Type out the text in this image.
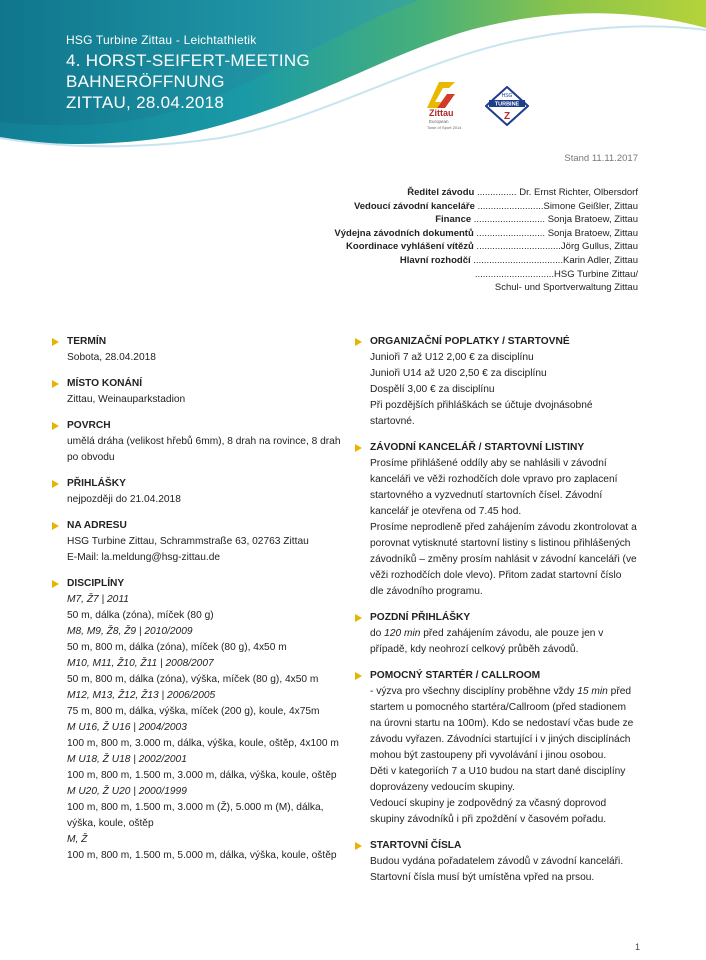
HSG Turbine Zittau - Leichtathletik
4. HORST-SEIFERT-MEETING
BAHNERÖFFNUNG
ZITTAU, 28.04.2018
Zittau
European
Town of Sport 2014
HSG
TURBINE
Z
Stand 11.11.2017
Ředitel závodu ............... Dr. Ernst Richter, Olbersdorf
Vedoucí závodní kanceláře .........................Simone Geißler, Zittau
Finance ........................... Sonja Bratoew, Zittau
Výdejna závodních dokumentů .......................... Sonja Bratoew, Zittau
Koordinace vyhlášení vítězů ................................Jörg Gullus, Zittau
Hlavní rozhodčí ..................................Karin Adler, Zittau
..............................HSG Turbine Zittau/
Schul- und Sportverwaltung Zittau
TERMÍN
Sobota, 28.04.2018
MÍSTO KONÁNÍ
Zittau, Weinauparkstadion
POVRCH
umělá dráha (velikost hřebů 6mm), 8 drah na rovince, 8 drah po obvodu
PŘIHLÁŠKY
nejpozději do 21.04.2018
NA ADRESU
HSG Turbine Zittau, Schrammstraße 63, 02763 Zittau
E-Mail: la.meldung@hsg-zittau.de
DISCIPLÍNY
M7, Ž7 | 2011
50 m, dálka (zóna), míček (80 g)
M8, M9, Ž8, Ž9 | 2010/2009
50 m, 800 m, dálka (zóna), míček (80 g), 4x50 m
M10, M11, Ž10, Ž11 | 2008/2007
50 m, 800 m, dálka (zóna), výška, míček (80 g), 4x50 m
M12, M13, Ž12, Ž13 | 2006/2005
75 m, 800 m, dálka, výška, míček (200 g), koule, 4x75m
M U16, Ž U16 | 2004/2003
100 m, 800 m, 3.000 m, dálka, výška, koule, oštěp, 4x100 m
M U18, Ž U18 | 2002/2001
100 m, 800 m, 1.500 m, 3.000 m, dálka, výška, koule, oštěp
M U20, Ž U20 | 2000/1999
100 m, 800 m, 1.500 m, 3.000 m (Ž), 5.000 m (M), dálka, výška, koule, oštěp
M, Ž
100 m, 800 m, 1.500 m, 5.000 m, dálka, výška, koule, oštěp
ORGANIZAČNÍ POPLATKY / STARTOVNÉ
Junioři 7 až U12 2,00 € za disciplínu
Junioři U14 až U20 2,50 € za disciplínu
Dospělí 3,00 € za disciplínu
Při pozdějších přihláškách se účtuje dvojnásobné startovné.
ZÁVODNÍ KANCELÁŘ / STARTOVNÍ LISTINY
Prosíme přihlášené oddíly aby se nahlásili v závodní kanceláři ve věži rozhodčích dole vpravo pro zaplacení startovného a vyzvednutí startovních čísel. Závodní kancelář je otevřena od 7.45 hod.
Prosíme neprodleně před zahájením závodu zkontrolovat a porovnat vytisknuté startovní listiny s listinou přihlášených závodníků – změny prosím nahlásit v závodní kanceláři (ve věži rozhodčích dole vlevo). Přitom zadat startovní číslo dle závodního programu.
POZDNÍ PŘIHLÁŠKY
do 120 min před zahájením závodu, ale pouze jen v případě, kdy neohrozí celkový průběh závodů.
POMOCNÝ STARTÉR / CALLROOM
- výzva pro všechny disciplíny proběhne vždy 15 min před startem u pomocného startéra/Callroom (před stadionem na úrovni startu na 100m). Kdo se nedostaví včas bude ze závodu vyřazen. Závodníci startující i v jiných disciplínách mohou být zastoupeny při vyvolávání i jinou osobou.
Děti v kategoriích 7 a U10 budou na start dané disciplíny doprovázeny vedoucím skupiny.
Vedoucí skupiny je zodpovědný za včasný doprovod skupiny závodníků i při zpoždění v časovém pořadu.
STARTOVNÍ ČÍSLA
Budou vydána pořadatelem závodů v závodní kanceláři. Startovní čísla musí být umístěna vpřed na prsou.
1
